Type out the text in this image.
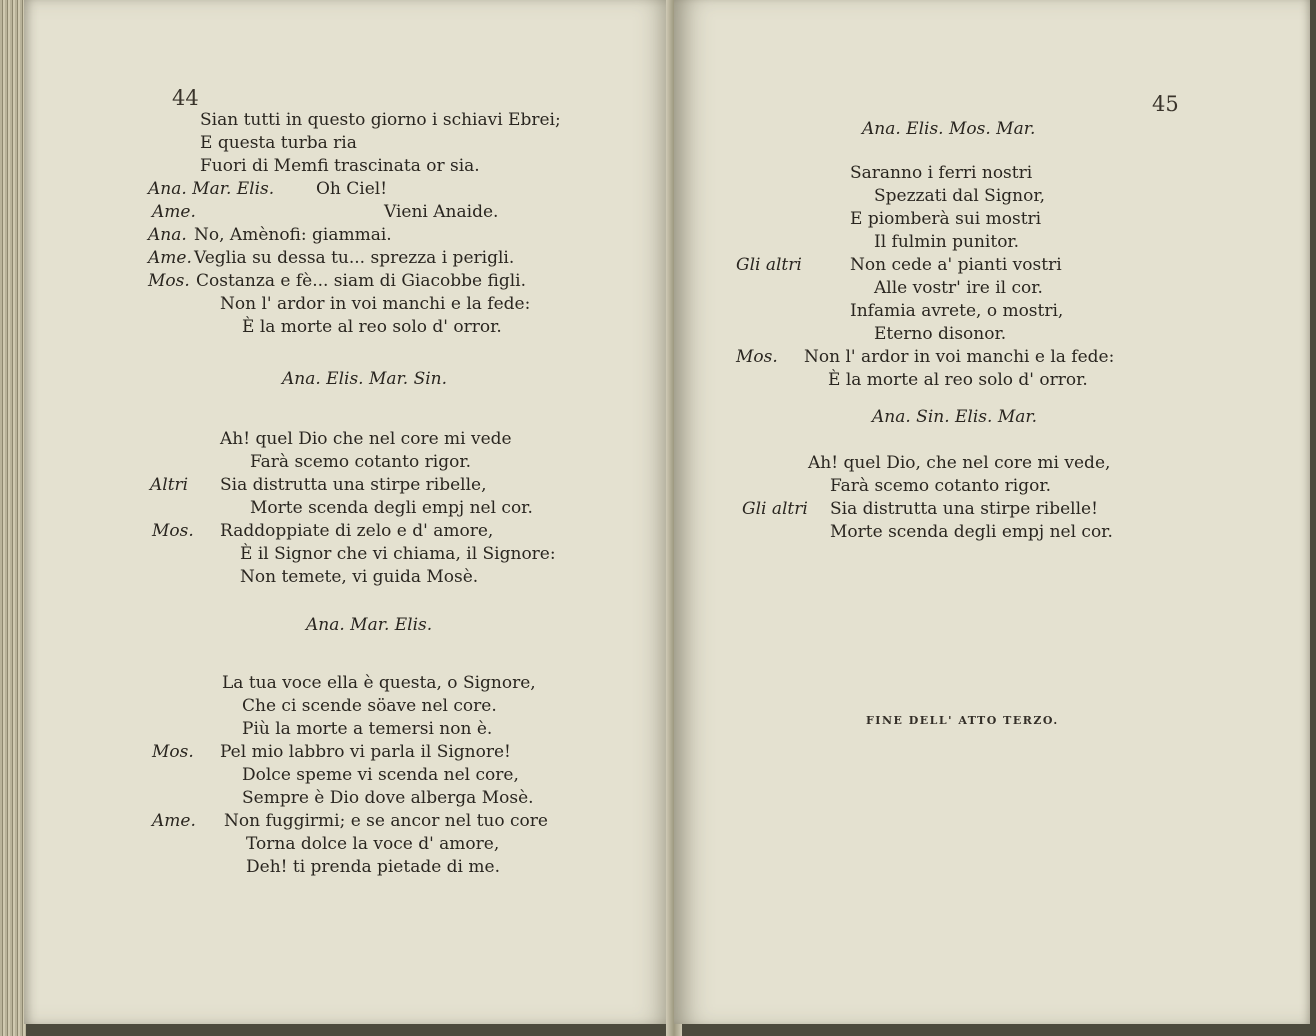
44
Sian tutti in questo giorno i schiavi Ebrei;
E questa turba ria
Fuori di Memfi trascinata or sia.
Ana. Mar. Elis. Oh Ciel!
Ame.	Vieni Anaide.
Ana. No, Amènofi: giammai.
Ame. Veglia su dessa tu... sprezza i perigli.
Mos. Costanza e fè... siam di Giacobbe figli.
Non l' ardor in voi manchi e la fede:
È la morte al reo solo d' orror.
Ana. Elis. Mar. Sin.
Ah! quel Dio che nel core mi vede
Farà scemo cotanto rigor.
Altri Sia distrutta una stirpe ribelle,
Morte scenda degli empj nel cor.
Mos. Raddoppiate di zelo e d' amore,
È il Signor che vi chiama, il Signore:
Non temete, vi guida Mosè.
Ana. Mar. Elis.
La tua voce ella è questa, o Signore,
Che ci scende söave nel core.
Più la morte a temersi non è.
Mos. Pel mio labbro vi parla il Signore!
Dolce speme vi scenda nel core,
Sempre è Dio dove alberga Mosè.
Ame. Non fuggirmi; e se ancor nel tuo core
Torna dolce la voce d' amore,
Deh! ti prenda pietade di me.
45
Ana. Elis. Mos. Mar.
Saranno i ferri nostri
Spezzati dal Signor,
E piomberà sui mostri
Il fulmin punitor.
Gli altri	Non cede a' pianti vostri
Alle vostr' ire il cor.
Infamia avrete, o mostri,
Eterno disonor.
Mos. Non l' ardor in voi manchi e la fede:
È la morte al reo solo d' orror.
Ana. Sin. Elis. Mar.
Ah! quel Dio, che nel core mi vede,
Farà scemo cotanto rigor.
Gli altri Sia distrutta una stirpe ribelle!
Morte scenda degli empj nel cor.
FINE DELL' ATTO TERZO.
